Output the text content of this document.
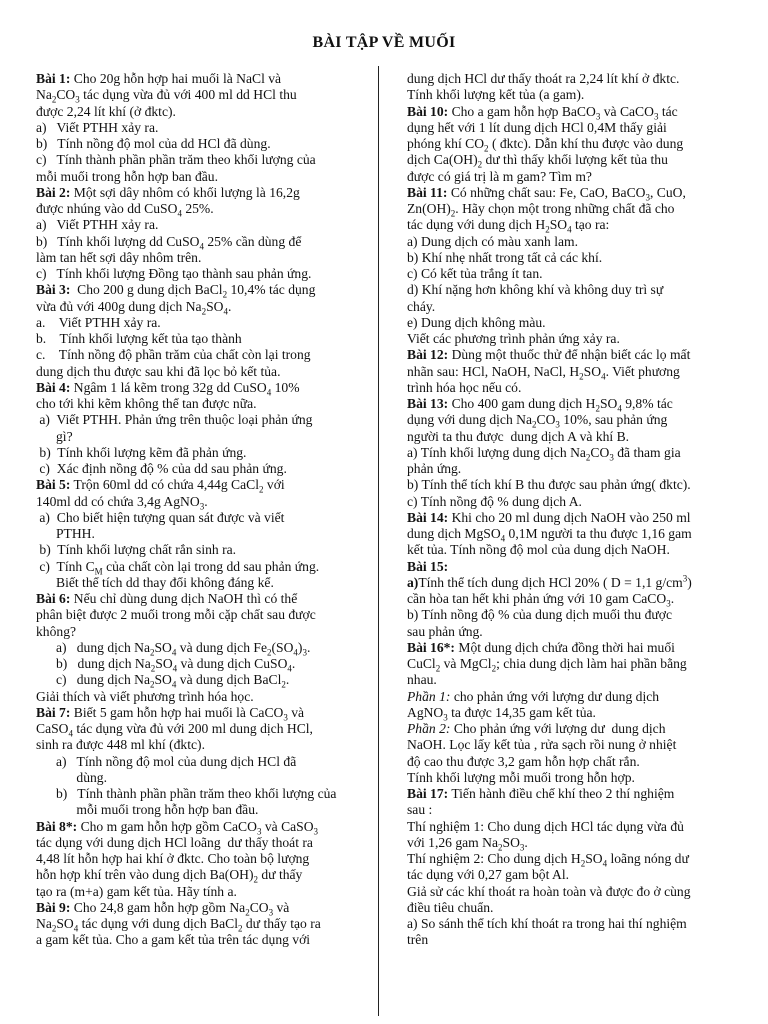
BÀI TẬP VỀ MUỐI
Bài 1: Cho 20g hỗn hợp hai muối là NaCl và
$Na_2CO_3$ tác dụng vừa đủ với 400 ml dd HCl thu
được 2,24 lít khí (ở đktc).
a)   Viết PTHH xảy ra.
b)   Tính nồng độ mol của dd HCl đã dùng.
c)   Tính thành phần phần trăm theo khối lượng của
mỗi muối trong hỗn hợp ban đầu.
Bài 2: Một sợi dây nhôm có khối lượng là 16,2g
được nhúng vào dd CuSO$_4$ 25%.
a)   Viết PTHH xảy ra.
b)   Tính khối lượng dd CuSO$_4$ 25% cần dùng để
làm tan hết sợi dây nhôm trên.
c)   Tính khối lượng Đồng tạo thành sau phản ứng.
Bài 3:  Cho 200 g dung dịch BaCl$_2$ 10,4% tác dụng
vừa đủ với 400g dung dịch $Na_2SO_4$.
a.    Viết PTHH xảy ra.
b.    Tính khối lượng kết tủa tạo thành
c.    Tính nồng độ phần trăm của chất còn lại trong
dung dịch thu được sau khi đã lọc bỏ kết tủa.
Bài 4: Ngâm 1 lá kẽm trong 32g dd CuSO$_4$ 10%
cho tới khi kẽm không thể tan được nữa.
a)  Viết PTHH. Phản ứng trên thuộc loại phản ứng
gì?
b)  Tính khối lượng kẽm đã phản ứng.
c)  Xác định nồng độ % của dd sau phản ứng.
Bài 5: Trộn 60ml dd có chứa 4,44g CaCl$_2$ với
140ml dd có chứa 3,4g AgNO$_3$.
a)  Cho biết hiện tượng quan sát được và viết
PTHH.
b)  Tính khối lượng chất rắn sinh ra.
c)  Tính $C_M$ của chất còn lại trong dd sau phản ứng.
Biết thể tích dd thay đổi không đáng kể.
Bài 6: Nếu chỉ dùng dung dịch NaOH thì có thể
phân biệt được 2 muối trong mỗi cặp chất sau được
không?
a)   dung dịch $Na_2SO_4$ và dung dịch $Fe_2(SO_4)_3$.
b)   dung dịch $Na_2SO_4$ và dung dịch CuSO$_4$.
c)   dung dịch $Na_2SO_4$ và dung dịch BaCl$_2$.
Giải thích và viết phương trình hóa học.
Bài 7: Biết 5 gam hỗn hợp hai muối là CaCO$_3$ và
CaSO$_4$ tác dụng vừa đủ với 200 ml dung dịch HCl,
sinh ra được 448 ml khí (đktc).
a)   Tính nồng độ mol của dung dịch HCl đã
dùng.
b)   Tính thành phần phần trăm theo khối lượng của
mỗi muối trong hỗn hợp ban đầu.
Bài 8*: Cho m gam hỗn hợp gồm CaCO$_3$ và CaSO$_3$
tác dụng với dung dịch HCl loãng  dư thấy thoát ra
4,48 lít hỗn hợp hai khí ở đktc. Cho toàn bộ lượng
hỗn hợp khí trên vào dung dịch $Ba(OH)_2$ dư thấy
tạo ra (m+a) gam kết tủa. Hãy tính a.
Bài 9: Cho 24,8 gam hỗn hợp gồm $Na_2CO_3$ và
$Na_2SO_4$ tác dụng với dung dịch BaCl$_2$ dư thấy tạo ra
a gam kết tủa. Cho a gam kết tủa trên tác dụng với
dung dịch HCl dư thấy thoát ra 2,24 lít khí ở đktc.
Tính khối lượng kết tủa (a gam).
Bài 10: Cho a gam hỗn hợp BaCO$_3$ và CaCO$_3$ tác
dụng hết với 1 lít dung dịch HCl 0,4M thấy giải
phóng khí $CO_2$ ( đktc). Dẫn khí thu được vào dung
dịch $Ca(OH)_2$ dư thì thấy khối lượng kết tủa thu
được có giá trị là m gam? Tìm m?
Bài 11: Có những chất sau: Fe, CaO, BaCO$_3$, CuO,
$Zn(OH)_2$. Hãy chọn một trong những chất đã cho
tác dụng với dung dịch $H_2SO_4$ tạo ra:
a) Dung dịch có màu xanh lam.
b) Khí nhẹ nhất trong tất cả các khí.
c) Có kết tủa trắng ít tan.
d) Khí nặng hơn không khí và không duy trì sự
cháy.
e) Dung dịch không màu.
Viết các phương trình phản ứng xảy ra.
Bài 12: Dùng một thuốc thử để nhận biết các lọ mất
nhãn sau: HCl, NaOH, NaCl, $H_2SO_4$. Viết phương
trình hóa học nếu có.
Bài 13: Cho 400 gam dung dịch $H_2SO_4$ 9,8% tác
dụng với dung dịch $Na_2CO_3$ 10%, sau phản ứng
người ta thu được  dung dịch A và khí B.
a) Tính khối lượng dung dịch $Na_2CO_3$ đã tham gia
phản ứng.
b) Tính thể tích khí B thu được sau phản ứng( đktc).
c) Tính nồng độ % dung dịch A.
Bài 14: Khi cho 20 ml dung dịch NaOH vào 250 ml
dung dịch MgSO$_4$ 0,1M người ta thu được 1,16 gam
kết tủa. Tính nồng độ mol của dung dịch NaOH.
Bài 15:
a)Tính thể tích dung dịch HCl 20% ( D = 1,1 $g/cm^3$)
cần hòa tan hết khi phản ứng với 10 gam CaCO$_3$.
b) Tính nồng độ % của dung dịch muối thu được
sau phản ứng.
Bài 16*: Một dung dịch chứa đồng thời hai muối
CuCl$_2$ và MgCl$_2$; chia dung dịch làm hai phần bằng
nhau.
Phần 1: cho phản ứng với lượng dư dung dịch
AgNO$_3$ ta được 14,35 gam kết tủa.
Phần 2: Cho phản ứng với lượng dư  dung dịch
NaOH. Lọc lấy kết tủa , rửa sạch rồi nung ở nhiệt
độ cao thu được 3,2 gam hỗn hợp chất rắn.
Tính khối lượng mỗi muối trong hỗn hợp.
Bài 17: Tiến hành điều chế khí theo 2 thí nghiệm
sau :
Thí nghiệm 1: Cho dung dịch HCl tác dụng vừa đủ
với 1,26 gam $Na_2SO_3$.
Thí nghiệm 2: Cho dung dịch $H_2SO_4$ loãng nóng dư
tác dụng với 0,27 gam bột Al.
Giả sử các khí thoát ra hoàn toàn và được đo ở cùng
điều tiêu chuẩn.
a) So sánh thể tích khí thoát ra trong hai thí nghiệm
trên
